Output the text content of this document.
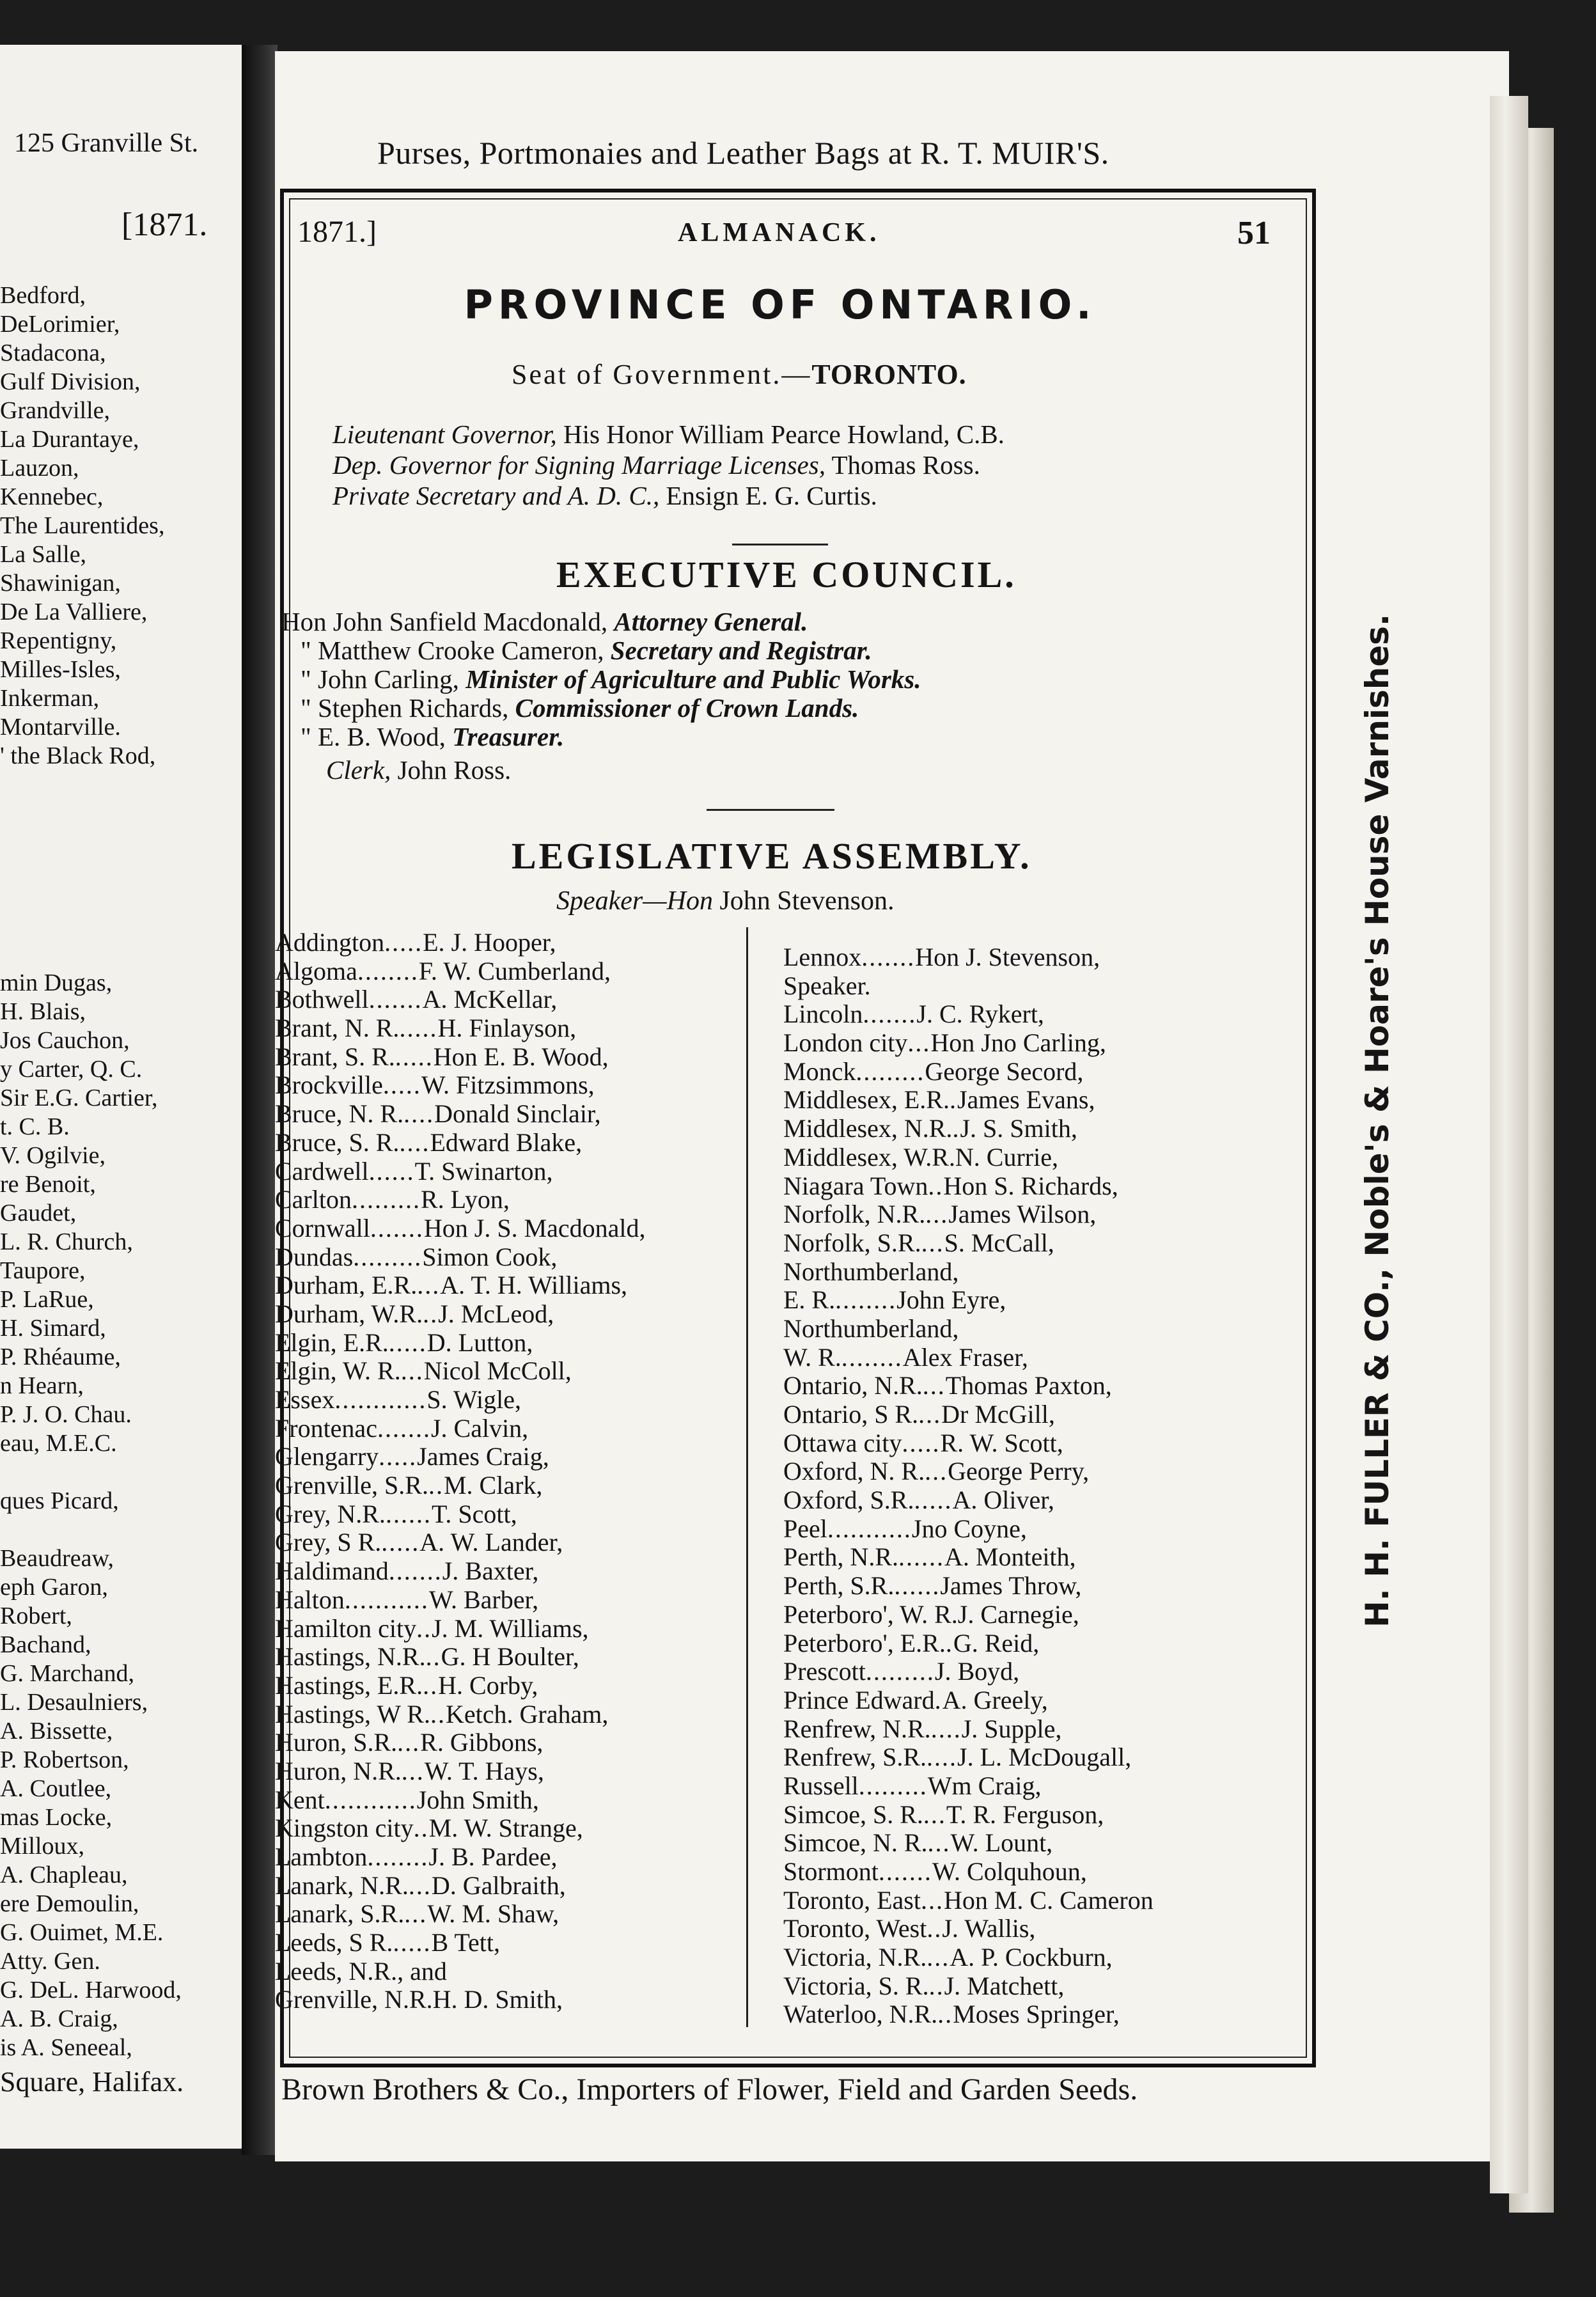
125 Granville St.
[1871.
Bedford,
DeLorimier,
Stadacona,
Gulf Division,
Grandville,
La Durantaye,
Lauzon,
Kennebec,
The Laurentides,
La Salle,
Shawinigan,
De La Valliere,
Repentigny,
Milles-Isles,
Inkerman,
Montarville.
' the Black Rod,
min Dugas,
H. Blais,
Jos Cauchon,
y Carter, Q. C.
Sir E.G. Cartier,
t. C. B.
V. Ogilvie,
re Benoit,
Gaudet,
L. R. Church,
Taupore,
P. LaRue,
H. Simard,
P. Rhéaume,
n Hearn,
P. J. O. Chau.
eau, M.E.C.
ques Picard,
Beaudreaw,
eph Garon,
Robert,
Bachand,
G. Marchand,
L. Desaulniers,
A. Bissette,
P. Robertson,
A. Coutlee,
mas Locke,
Milloux,
A. Chapleau,
ere Demoulin,
G. Ouimet, M.E.
Atty. Gen.
G. DeL. Harwood,
A. B. Craig,
is A. Seneeal,
Square, Halifax.
Purses, Portmonaies and Leather Bags at R. T. MUIR'S.
1871.]	ALMANACK.	51
PROVINCE OF ONTARIO.
Seat of Government.—TORONTO.
Lieutenant Governor, His Honor William Pearce Howland, C.B.
Dep. Governor for Signing Marriage Licenses, Thomas Ross.
Private Secretary and A. D. C., Ensign E. G. Curtis.
EXECUTIVE COUNCIL.
Hon John Sanfield Macdonald, Attorney General.
" Matthew Crooke Cameron, Secretary and Registrar.
" John Carling, Minister of Agriculture and Public Works.
" Stephen Richards, Commissioner of Crown Lands.
" E. B. Wood, Treasurer.
Clerk, John Ross.
LEGISLATIVE ASSEMBLY.
Speaker—Hon John Stevenson.
Addington.....E. J. Hooper,
Algoma........F. W. Cumberland,
Bothwell.......A. McKellar,
Brant, N. R......H. Finlayson,
Brant, S. R......Hon E. B. Wood,
Brockville.....W. Fitzsimmons,
Bruce, N. R.....Donald Sinclair,
Bruce, S. R.....Edward Blake,
Cardwell......T. Swinarton,
Carlton.........R. Lyon,
Cornwall.......Hon J. S. Macdonald,
Dundas.........Simon Cook,
Durham, E.R....A. T. H. Williams,
Durham, W.R...J. McLeod,
Elgin, E.R......D. Lutton,
Elgin, W. R....Nicol McColl,
Essex............S. Wigle,
Frontenac.......J. Calvin,
Glengarry.....James Craig,
Grenville, S.R...M. Clark,
Grey, N.R.......T. Scott,
Grey, S R......A. W. Lander,
Haldimand.......J. Baxter,
Halton...........W. Barber,
Hamilton city..J. M. Williams,
Hastings, N.R...G. H Boulter,
Hastings, E.R...H. Corby,
Hastings, W R...Ketch. Graham,
Huron, S.R....R. Gibbons,
Huron, N.R....W. T. Hays,
Kent............John Smith,
Kingston city..M. W. Strange,
Lambton........J. B. Pardee,
Lanark, N.R....D. Galbraith,
Lanark, S.R....W. M. Shaw,
Leeds, S R......B Tett,
Leeds, N.R., and
Grenville, N.R.H. D. Smith,
Lennox.......Hon J. Stevenson,
Speaker.
Lincoln.......J. C. Rykert,
London city...Hon Jno Carling,
Monck.........George Secord,
Middlesex, E.R..James Evans,
Middlesex, N.R..J. S. Smith,
Middlesex, W.R.N. Currie,
Niagara Town..Hon S. Richards,
Norfolk, N.R....James Wilson,
Norfolk, S.R....S. McCall,
Northumberland,
E. R.........John Eyre,
Northumberland,
W. R.........Alex Fraser,
Ontario, N.R....Thomas Paxton,
Ontario, S R....Dr McGill,
Ottawa city.....R. W. Scott,
Oxford, N. R....George Perry,
Oxford, S.R......A. Oliver,
Peel...........Jno Coyne,
Perth, N.R.......A. Monteith,
Perth, S.R.......James Throw,
Peterboro', W. R.J. Carnegie,
Peterboro', E.R..G. Reid,
Prescott.........J. Boyd,
Prince Edward.A. Greely,
Renfrew, N.R.....J. Supple,
Renfrew, S.R.....J. L. McDougall,
Russell.........Wm Craig,
Simcoe, S. R....T. R. Ferguson,
Simcoe, N. R....W. Lount,
Stormont.......W. Colquhoun,
Toronto, East...Hon M. C. Cameron
Toronto, West..J. Wallis,
Victoria, N.R....A. P. Cockburn,
Victoria, S. R...J. Matchett,
Waterloo, N.R...Moses Springer,
H. H. FULLER & CO., Noble's & Hoare's House Varnishes.
Brown Brothers & Co., Importers of Flower, Field and Garden Seeds.
